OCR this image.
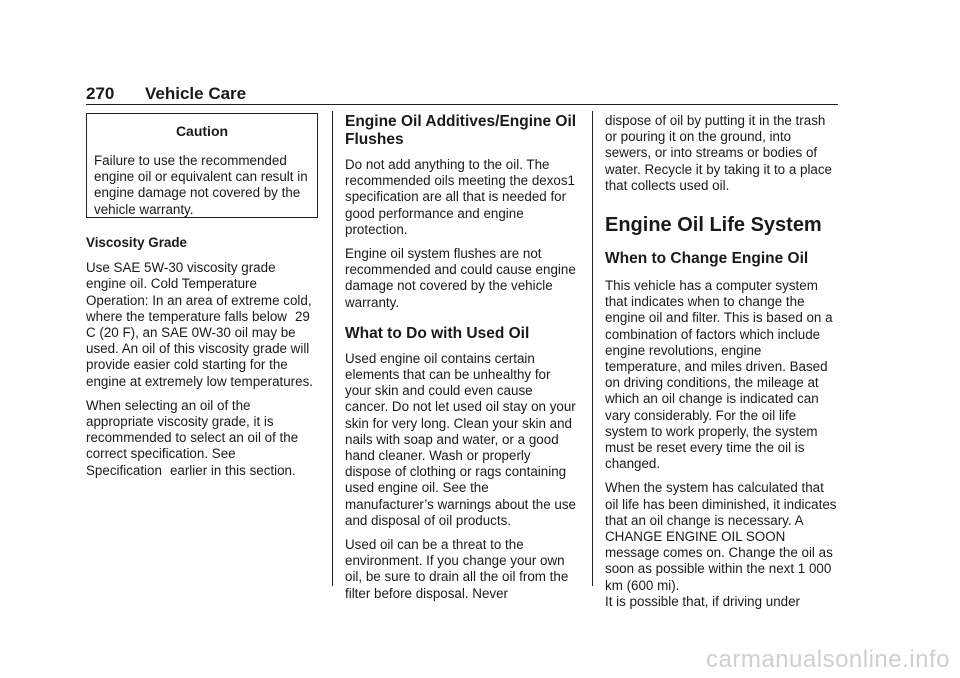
270 Vehicle Care
Caution
Failure to use the recommended engine oil or equivalent can result in engine damage not covered by the vehicle warranty.
Viscosity Grade

Use SAE 5W-30 viscosity grade engine oil. Cold Temperature Operation: In an area of extreme cold, where the temperature falls below 29 C (20 F), an SAE 0W-30 oil may be used. An oil of this viscosity grade will provide easier cold starting for the engine at extremely low temperatures.

When selecting an oil of the appropriate viscosity grade, it is recommended to select an oil of the correct specification. See Specification earlier in this section.

Engine Oil Additives/Engine Oil Flushes

Do not add anything to the oil. The recommended oils meeting the dexos1 specification are all that is needed for good performance and engine protection.

Engine oil system flushes are not recommended and could cause engine damage not covered by the vehicle warranty.

What to Do with Used Oil

Used engine oil contains certain elements that can be unhealthy for your skin and could even cause cancer. Do not let used oil stay on your skin for very long. Clean your skin and nails with soap and water, or a good hand cleaner. Wash or properly dispose of clothing or rags containing used engine oil. See the manufacturer’s warnings about the use and disposal of oil products.

Used oil can be a threat to the environment. If you change your own oil, be sure to drain all the oil from the filter before disposal. Never

dispose of oil by putting it in the trash or pouring it on the ground, into sewers, or into streams or bodies of water. Recycle it by taking it to a place that collects used oil.

Engine Oil Life System
When to Change Engine Oil

This vehicle has a computer system that indicates when to change the engine oil and filter. This is based on a combination of factors which include engine revolutions, engine temperature, and miles driven. Based on driving conditions, the mileage at which an oil change is indicated can vary considerably. For the oil life system to work properly, the system must be reset every time the oil is changed.

When the system has calculated that oil life has been diminished, it indicates that an oil change is necessary. A CHANGE ENGINE OIL SOON message comes on. Change the oil as soon as possible within the next 1 000 km (600 mi).

It is possible that, if driving under

carmanualsonline.info
